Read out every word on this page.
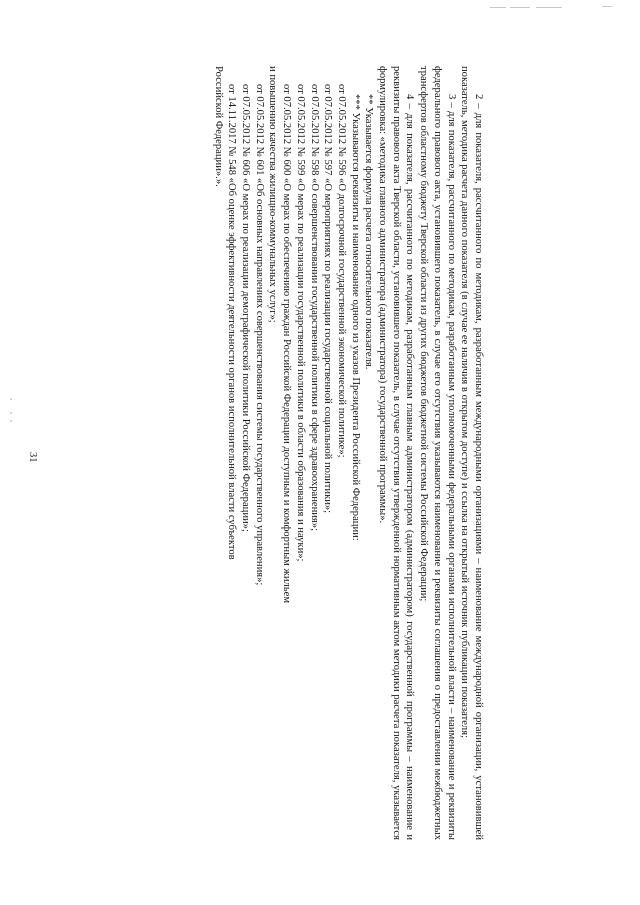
31	2 – для показателя, рассчитанного по методикам, разработанным международными организациями – наименование международной организации, установившей показатель, методика расчета данного показателя (в случае ее наличия в открытом доступе) и ссылка на открытый источник публикации показателя;

3 – для показателя, рассчитанного по методикам, разработанным уполномоченными федеральными органами исполнительной власти – наименование и реквизиты федерального правового акта, установившего показатель, в случае его отсутствия указываются наименование и реквизиты соглашения о предоставлении межбюджетных трансфертов областному бюджету Тверской области из других бюджетов бюджетной системы Российской Федерации;

4 – для показателя, рассчитанного по методикам, разработанным главным администратором (администратором) государственной программы – наименование и реквизиты правового акта Тверской области, установившего показатель, в случае отсутствия утвержденной нормативным актом методики расчета показателя, указывается формулировка: «методика главного администратора (администратора) государственной программы».

** Указывается формула расчета относительного показателя.

*** Указываются реквизиты и наименование одного из указов Президента Российской Федерации:

от 07.05.2012 № 596 «О долгосрочной государственной экономической политике»;

от 07.05.2012 № 597 «О мероприятиях по реализации государственной социальной политики»;

от 07.05.2012 № 598 «О совершенствовании государственной политики в сфере здравоохранения»;

от 07.05.2012 № 599 «О мерах по реализации государственной политики в области образования и науки»;

от 07.05.2012 № 600 «О мерах по обеспечению граждан Российской Федерации доступным и комфортным жильем

и повышению качества жилищно-коммунальных услуг»;

от 07.05.2012 № 601 «Об основных направлениях совершенствования системы государственного управления»;

от 07.05.2012 № 606 «О мерах по реализации демографической политики Российской Федерации»;

от 14.11.2017 № 548 «Об оценке эффективности деятельности органов исполнительной власти субъектов

Российской Федерации».».
